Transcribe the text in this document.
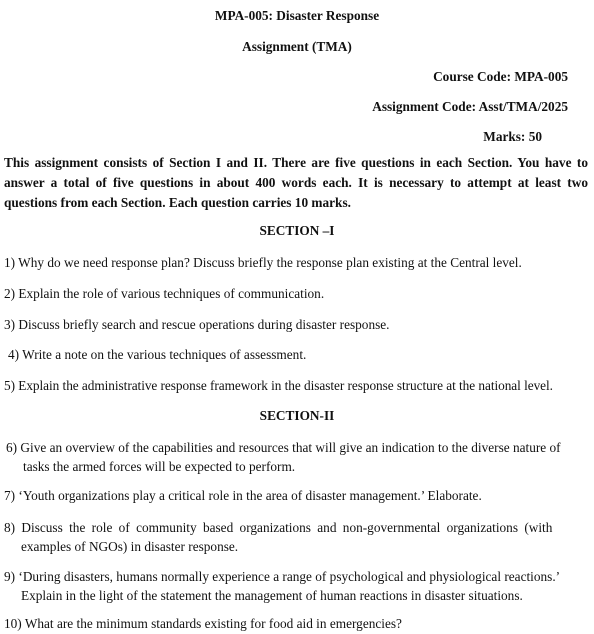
MPA-005: Disaster Response
Assignment (TMA)
Course Code: MPA-005
Assignment Code: Asst/TMA/2025
Marks: 50
This assignment consists of Section I and II. There are five questions in each Section. You have to answer a total of five questions in about 400 words each. It is necessary to attempt at least two questions from each Section. Each question carries 10 marks.
SECTION –I
1) Why do we need response plan? Discuss briefly the response plan existing at the Central level.
2) Explain the role of various techniques of communication.
3) Discuss briefly search and rescue operations during disaster response.
4) Write a note on the various techniques of assessment.
5) Explain the administrative response framework in the disaster response structure at the national level.
SECTION-II
6) Give an overview of the capabilities and resources that will give an indication to the diverse nature of
tasks the armed forces will be expected to perform.
7) ‘Youth organizations play a critical role in the area of disaster management.’ Elaborate.
8) Discuss the role of community based organizations and non-governmental organizations (with
examples of NGOs) in disaster response.
9) ‘During disasters, humans normally experience a range of psychological and physiological reactions.’
Explain in the light of the statement the management of human reactions in disaster situations.
10) What are the minimum standards existing for food aid in emergencies?
